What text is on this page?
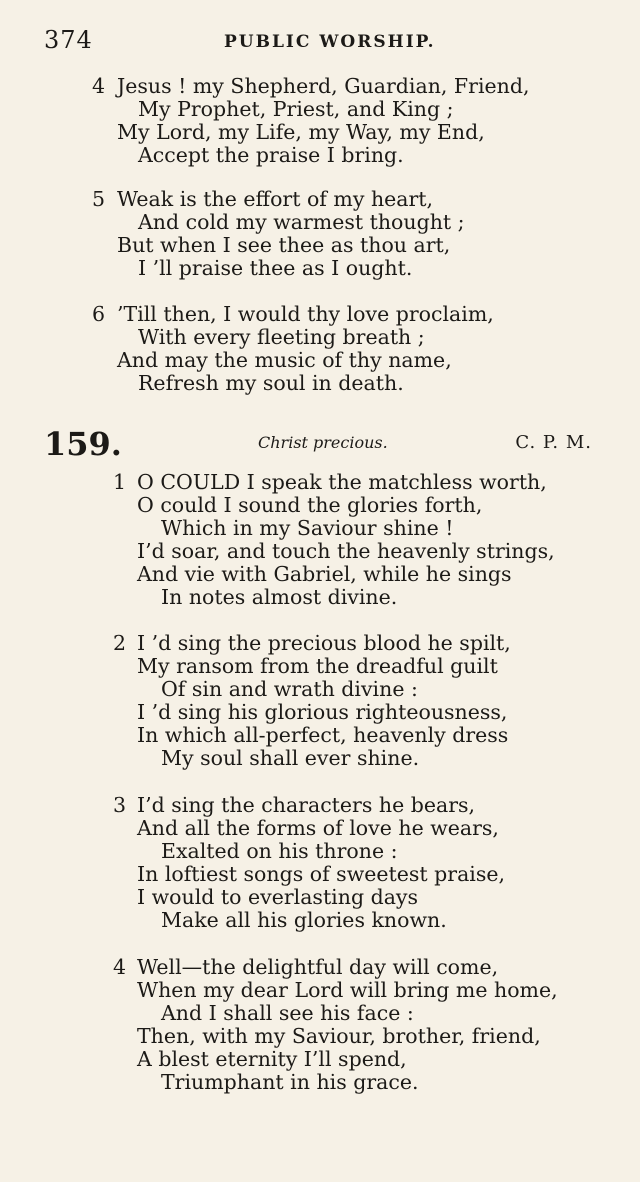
374	PUBLIC WORSHIP.
4 Jesus ! my Shepherd, Guardian, Friend,
My Prophet, Priest, and King ;
My Lord, my Life, my Way, my End,
Accept the praise I bring.
5 Weak is the effort of my heart,
And cold my warmest thought ;
But when I see thee as thou art,
I ’ll praise thee as I ought.
6 ’Till then, I would thy love proclaim,
With every fleeting breath ;
And may the music of thy name,
Refresh my soul in death.
159.	Christ precious.	C. P. M.
1 O COULD I speak the matchless worth,
O could I sound the glories forth,
Which in my Saviour shine !
I’d soar, and touch the heavenly strings,
And vie with Gabriel, while he sings
In notes almost divine.
2 I ’d sing the precious blood he spilt,
My ransom from the dreadful guilt
Of sin and wrath divine :
I ’d sing his glorious righteousness,
In which all-perfect, heavenly dress
My soul shall ever shine.
3 I’d sing the characters he bears,
And all the forms of love he wears,
Exalted on his throne :
In loftiest songs of sweetest praise,
I would to everlasting days
Make all his glories known.
4 Well—the delightful day will come,
When my dear Lord will bring me home,
And I shall see his face :
Then, with my Saviour, brother, friend,
A blest eternity I’ll spend,
Triumphant in his grace.
